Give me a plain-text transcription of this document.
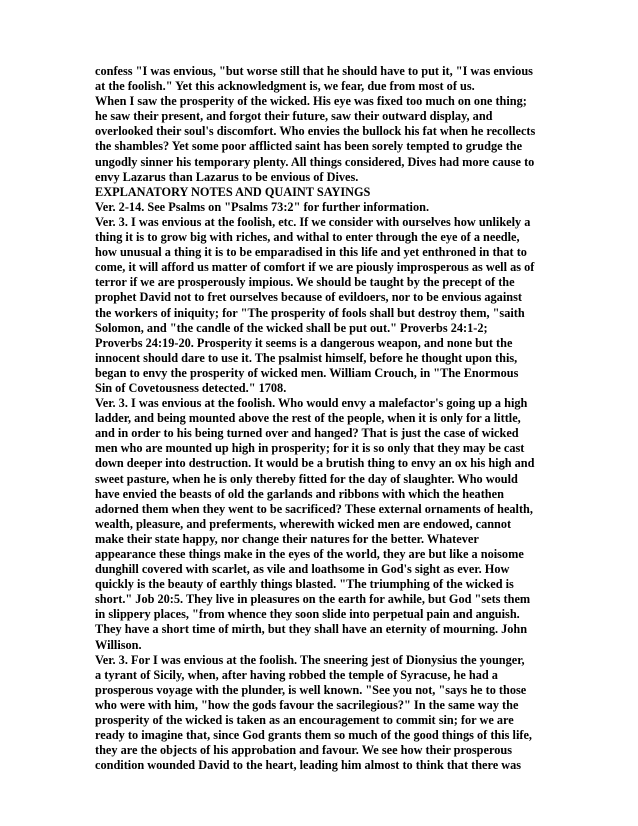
confess "I was envious, "but worse still that he should have to put it, "I was envious
at the foolish." Yet this acknowledgment is, we fear, due from most of us.
When I saw the prosperity of the wicked. His eye was fixed too much on one thing;
he saw their present, and forgot their future, saw their outward display, and
overlooked their soul's discomfort. Who envies the bullock his fat when he recollects
the shambles? Yet some poor afflicted saint has been sorely tempted to grudge the
ungodly sinner his temporary plenty. All things considered, Dives had more cause to
envy Lazarus than Lazarus to be envious of Dives.
EXPLANATORY NOTES AND QUAINT SAYINGS
Ver. 2-14. See Psalms on "Psalms 73:2" for further information.
Ver. 3. I was envious at the foolish, etc. If we consider with ourselves how unlikely a
thing it is to grow big with riches, and withal to enter through the eye of a needle,
how unusual a thing it is to be emparadised in this life and yet enthroned in that to
come, it will afford us matter of comfort if we are piously improsperous as well as of
terror if we are prosperously impious. We should be taught by the precept of the
prophet David not to fret ourselves because of evildoers, nor to be envious against
the workers of iniquity; for "The prosperity of fools shall but destroy them, "saith
Solomon, and "the candle of the wicked shall be put out." Proverbs 24:1-2;
Proverbs 24:19-20. Prosperity it seems is a dangerous weapon, and none but the
innocent should dare to use it. The psalmist himself, before he thought upon this,
began to envy the prosperity of wicked men. William Crouch, in "The Enormous
Sin of Covetousness detected." 1708.
Ver. 3. I was envious at the foolish. Who would envy a malefactor's going up a high
ladder, and being mounted above the rest of the people, when it is only for a little,
and in order to his being turned over and hanged? That is just the case of wicked
men who are mounted up high in prosperity; for it is so only that they may be cast
down deeper into destruction. It would be a brutish thing to envy an ox his high and
sweet pasture, when he is only thereby fitted for the day of slaughter. Who would
have envied the beasts of old the garlands and ribbons with which the heathen
adorned them when they went to be sacrificed? These external ornaments of health,
wealth, pleasure, and preferments, wherewith wicked men are endowed, cannot
make their state happy, nor change their natures for the better. Whatever
appearance these things make in the eyes of the world, they are but like a noisome
dunghill covered with scarlet, as vile and loathsome in God's sight as ever. How
quickly is the beauty of earthly things blasted. "The triumphing of the wicked is
short." Job 20:5. They live in pleasures on the earth for awhile, but God "sets them
in slippery places, "from whence they soon slide into perpetual pain and anguish.
They have a short time of mirth, but they shall have an eternity of mourning. John
Willison.
Ver. 3. For I was envious at the foolish. The sneering jest of Dionysius the younger,
a tyrant of Sicily, when, after having robbed the temple of Syracuse, he had a
prosperous voyage with the plunder, is well known. "See you not, "says he to those
who were with him, "how the gods favour the sacrilegious?" In the same way the
prosperity of the wicked is taken as an encouragement to commit sin; for we are
ready to imagine that, since God grants them so much of the good things of this life,
they are the objects of his approbation and favour. We see how their prosperous
condition wounded David to the heart, leading him almost to think that there was
